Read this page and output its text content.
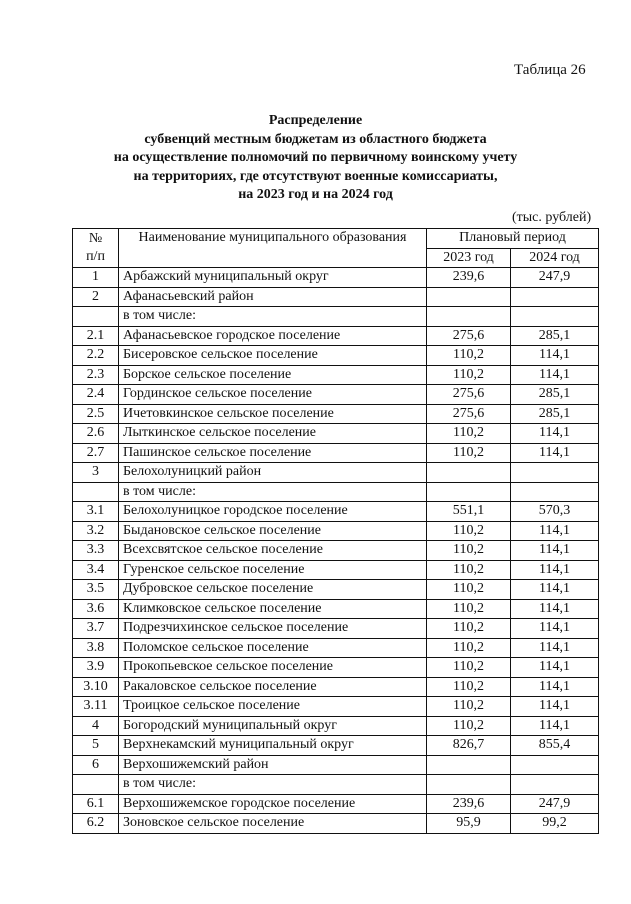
Таблица 26
Распределение
субвенций местным бюджетам из областного бюджета
на осуществление полномочий по первичному воинскому учету
на территориях, где отсутствуют военные комиссариаты,
на 2023 год и на 2024 год
(тыс. рублей)
№
п/п	Наименование муниципального образования	Плановый период	
		2023 год	2024 год
1	Арбажский муниципальный округ	239,6	247,9
2	Афанасьевский район		
	в том числе:		
2.1	Афанасьевское городское поселение	275,6	285,1
2.2	Бисеровское сельское поселение	110,2	114,1
2.3	Борское сельское поселение	110,2	114,1
2.4	Гординское сельское поселение	275,6	285,1
2.5	Ичетовкинское сельское поселение	275,6	285,1
2.6	Лыткинское сельское поселение	110,2	114,1
2.7	Пашинское сельское поселение	110,2	114,1
3	Белохолуницкий район		
	в том числе:		
3.1	Белохолуницкое городское поселение	551,1	570,3
3.2	Быдановское сельское поселение	110,2	114,1
3.3	Всехсвятское сельское поселение	110,2	114,1
3.4	Гуренское сельское поселение	110,2	114,1
3.5	Дубровское сельское поселение	110,2	114,1
3.6	Климковское сельское поселение	110,2	114,1
3.7	Подрезчихинское сельское поселение	110,2	114,1
3.8	Поломское сельское поселение	110,2	114,1
3.9	Прокопьевское сельское поселение	110,2	114,1
3.10	Ракаловское сельское поселение	110,2	114,1
3.11	Троицкое сельское поселение	110,2	114,1
4	Богородский муниципальный округ	110,2	114,1
5	Верхнекамский муниципальный округ	826,7	855,4
6	Верхошижемский район		
	в том числе:		
6.1	Верхошижемское городское поселение	239,6	247,9
6.2	Зоновское сельское поселение	95,9	99,2
